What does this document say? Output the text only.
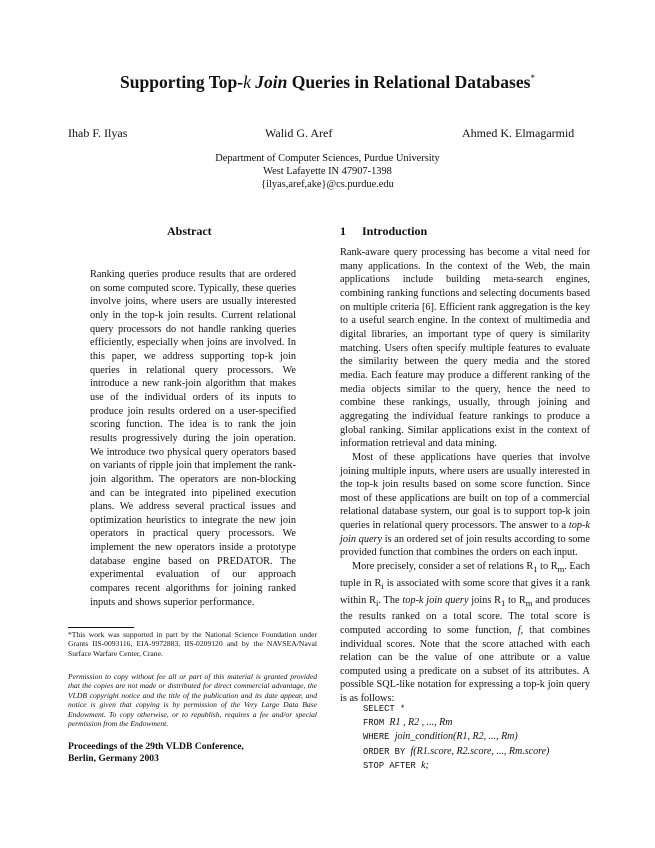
Supporting Top-k Join Queries in Relational Databases*
Ihab F. Ilyas	Walid G. Aref	Ahmed K. Elmagarmid
Department of Computer Sciences, Purdue University
West Lafayette IN 47907-1398
{ilyas,aref,ake}@cs.purdue.edu
Abstract

Ranking queries produce results that are ordered on some computed score. Typically, these queries involve joins, where users are usually interested only in the top-k join results. Current relational query processors do not handle ranking queries efficiently, especially when joins are involved. In this paper, we address supporting top-k join queries in relational query processors. We introduce a new rank-join algorithm that makes use of the individual orders of its inputs to produce join results ordered on a user-specified scoring function. The idea is to rank the join results progressively during the join operation. We introduce two physical query operators based on variants of ripple join that implement the rank-join algorithm. The operators are non-blocking and can be integrated into pipelined execution plans. We address several practical issues and optimization heuristics to integrate the new join operators in practical query processors. We implement the new operators inside a prototype database engine based on PREDATOR. The experimental evaluation of our approach compares recent algorithms for joining ranked inputs and shows superior performance.

*This work was supported in part by the National Science Foundation under Grants IIS-0093116, EIA-9972883, IIS-0209120 and by the NAVSEA/Naval Surface Warfare Center, Crane.

Permission to copy without fee all or part of this material is granted provided that the copies are not made or distributed for direct commercial advantage, the VLDB copyright notice and the title of the publication and its date appear, and notice is given that copying is by permission of the Very Large Data Base Endowment. To copy otherwise, or to republish, requires a fee and/or special permission from the Endowment.

Proceedings of the 29th VLDB Conference,
Berlin, Germany 2003
1 Introduction

Rank-aware query processing has become a vital need for many applications. In the context of the Web, the main applications include building meta-search engines, combining ranking functions and selecting documents based on multiple criteria [6]. Efficient rank aggregation is the key to a useful search engine. In the context of multimedia and digital libraries, an important type of query is similarity matching. Users often specify multiple features to evaluate the similarity between the query media and the stored media. Each feature may produce a different ranking of the media objects similar to the query, hence the need to combine these rankings, usually, through joining and aggregating the individual feature rankings to produce a global ranking. Similar applications exist in the context of information retrieval and data mining.

Most of these applications have queries that involve joining multiple inputs, where users are usually interested in the top-k join results based on some score function. Since most of these applications are built on top of a commercial relational database system, our goal is to support top-k join queries in relational query processors. The answer to a top-k join query is an ordered set of join results according to some provided function that combines the orders on each input.

More precisely, consider a set of relations $R_1$ to $R_m$. Each tuple in $R_i$ is associated with some score that gives it a rank within $R_i$. The top-k join query joins $R_1$ to $R_m$ and produces the results ranked on a total score. The total score is computed according to some function, f, that combines individual scores. Note that the score attached with each relation can be the value of one attribute or a value computed using a predicate on a subset of its attributes. A possible SQL-like notation for expressing a top-k join query is as follows:

SELECT *
FROM R1 , R2 , ..., Rm
WHERE join_condition(R1, R2, ..., Rm)
ORDER BY f(R1.score, R2.score, ..., Rm.score)
STOP AFTER k;
